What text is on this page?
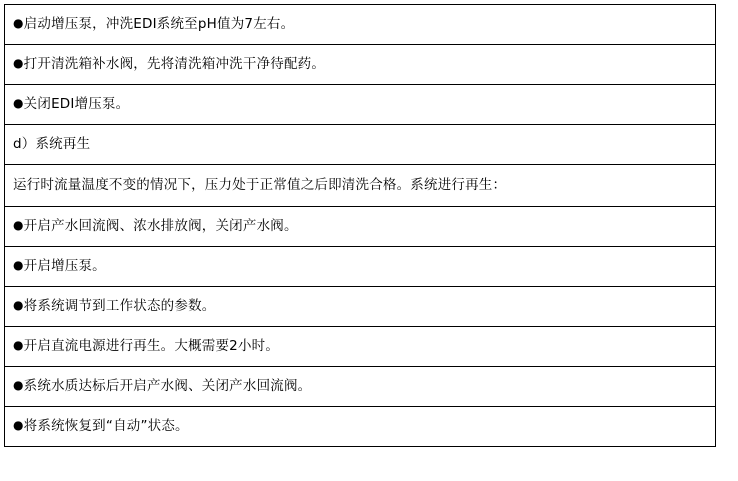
●启动增压泵，冲洗EDI系统至pH值为7左右。
●打开清洗箱补水阀，先将清洗箱冲洗干净待配药。
●关闭EDI增压泵。
d）系统再生
运行时流量温度不变的情况下，压力处于正常值之后即清洗合格。系统进行再生：
●开启产水回流阀、浓水排放阀，关闭产水阀。
●开启增压泵。
●将系统调节到工作状态的参数。
●开启直流电源进行再生。大概需要2小时。
●系统水质达标后开启产水阀、关闭产水回流阀。
●将系统恢复到“自动”状态。
